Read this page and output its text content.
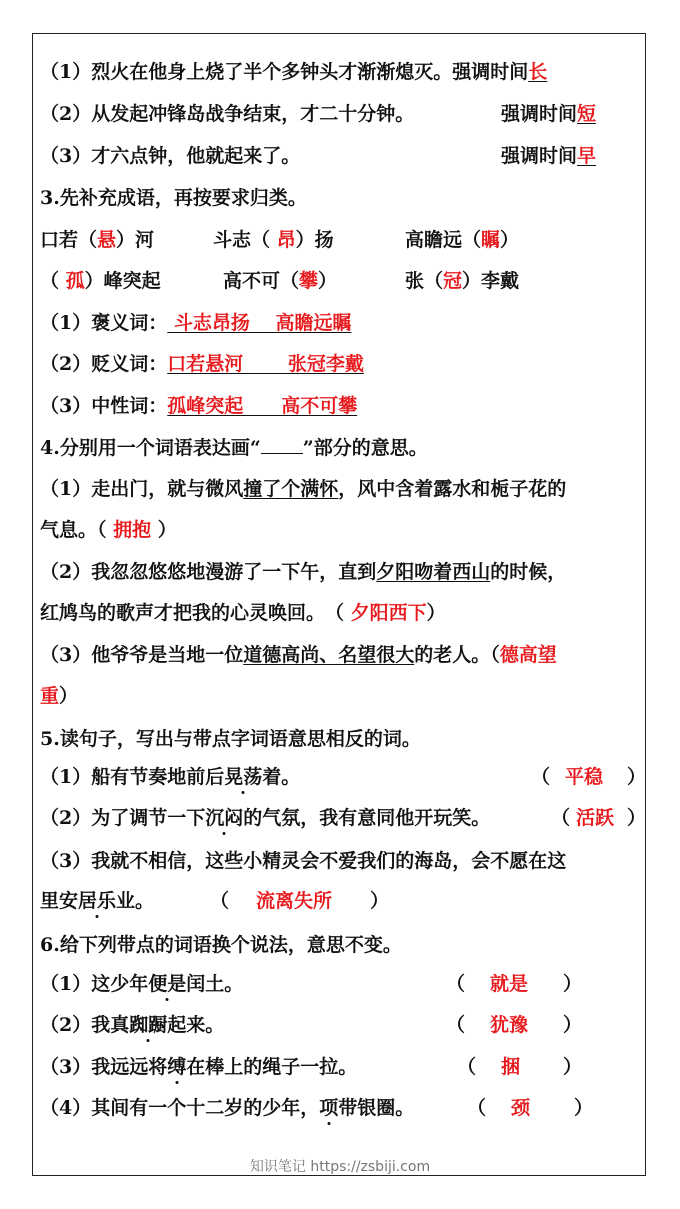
（1）烈火在他身上烧了半个多钟头才渐渐熄灭。强调时间长
（2）从发起冲锋岛战争结束，才二十分钟。	强调时间短
（3）才六点钟，他就起来了。	强调时间早
3.先补充成语，再按要求归类。
口若（悬）河	斗志（ 昂）扬	高瞻远（瞩）
（ 孤）峰突起	高不可（攀）	张（冠）李戴
（1）褒义词： 斗志昂扬　 高瞻远瞩
（2）贬义词：口若悬河　　 张冠李戴
（3）中性词：孤峰突起　　高不可攀
4.分别用一个词语表达画“ ”部分的意思。
（1）走出门，就与微风撞了个满怀，风中含着露水和栀子花的
气息。（ 拥抱 ）
（2）我忽忽悠悠地漫游了一下午，直到夕阳吻着西山的时候，
红鸠鸟的歌声才把我的心灵唤回。　（ 夕阳西下）
（3）他爷爷是当地一位道德高尚、名望很大的老人。（德高望
重）
5.读句子，写出与带点字词语意思相反的词。
（1）船有节奏地前后晃荡着。	（ 平稳 ）
（2）为了调节一下沉闷的气氛，我有意同他开玩笑。	（ 活跃 ）
（3）我就不相信，这些小精灵会不爱我们的海岛，会不愿在这
里安居乐业。	（ 流离失所 ）
6.给下列带点的词语换个说法，意思不变。
（1）这少年便是闰土。	（ 就是 ）
（2）我真踟蹰起来。	（ 犹豫 ）
（3）我远远将缚在棒上的绳子一拉。	（ 捆 ）
（4）其间有一个十二岁的少年，项带银圈。	（ 颈 ）
知识笔记 https://zsbiji.com
